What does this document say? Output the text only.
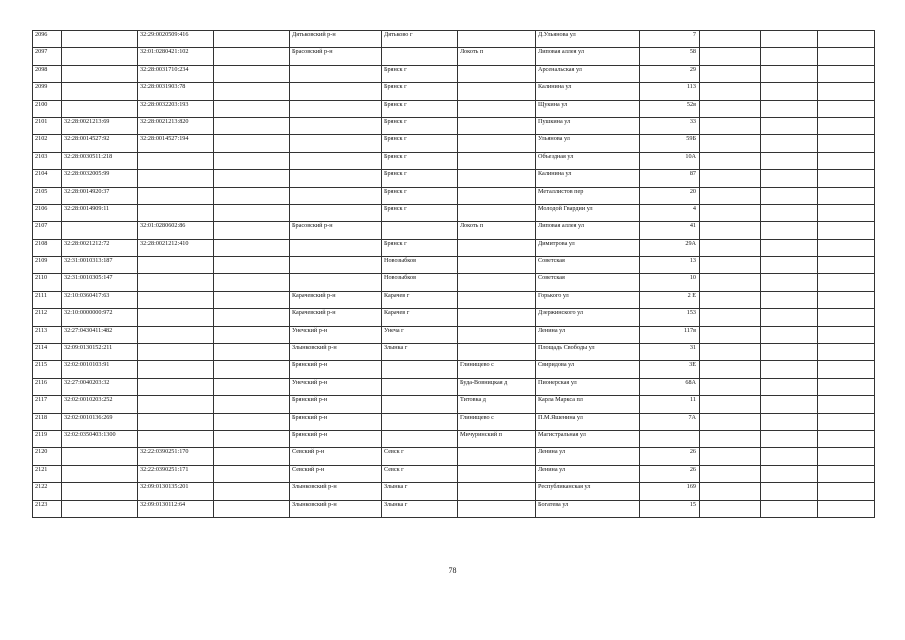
2096		32:29:0020509:416		Дятьковский р-н	Дятьково г		Д.Ульянова ул	7			
2097		32:01:0280421:102		Брасовский р-н		Локоть п	Липовая аллея ул	58			
2098		32:28:0031710:234			Брянск г		Арсенальская ул	29			
2099		32:28:0031903:78			Брянск г		Калинина ул	113			
2100		32:28:0032203:193			Брянск г		Щукина ул	52в			
2101	32:28:0021213:69	32:28:0021213:820			Брянск г		Пушкина ул	33			
2102	32:28:0014527:92	32:28:0014527:194			Брянск г		Ульянова ул	59Б			
2103	32:28:0030511:218				Брянск г		Объездная ул	10А			
2104	32:28:0032005:99				Брянск г		Калинина ул	87			
2105	32:28:0014920:37				Брянск г		Металлистов пер	20			
2106	32:28:0014909:11				Брянск г		Молодой Гвардии ул	4			
2107		32:01:0280602:86		Брасовский р-н		Локоть п	Липовая аллея ул	41			
2108	32:28:0021212:72	32:28:0021212:410			Брянск г		Димитрова ул	29А			
2109	32:31:0010313:187				Новозыбков		Советская	13			
2110	32:31:0010305:147				Новозыбков		Советская	10			
2111	32:10:0360417:63			Карачевский р-н	Карачев г		Горького ул	2 Е			
2112	32:10:0000000:972			Карачевский р-н	Карачев г		Дзержинского ул	153			
2113	32:27:0430411:482			Унечский р-н	Унеча г		Ленина ул	117в			
2114	32:09:0130152:211			Злынковский р-н	Злынка г		Площадь Свободы ул	31			
2115	32:02:0010103:91			Брянский р-н		Глинищево с	Свиридова ул	3Е			
2116	32:27:0040203:32			Унечский р-н		Буда-Вовницкая д	Пионерская ул	68А			
2117	32:02:0010203:252			Брянский р-н		Титовка д	Карла Маркса пл	11			
2118	32:02:0010136:269			Брянский р-н		Глинищево с	П.М.Яшенина ул	7А			
2119	32:02:0350403:1300			Брянский р-н		Мичуринский п	Магистральная ул				
2120		32:22:0390251:170		Севский р-н	Севск г		Ленина ул	26			
2121		32:22:0390251:171		Севский р-н	Севск г		Ленина ул	26			
2122		32:09:0130135:201		Злынковский р-н	Злынка г		Республиканская ул	169			
2123		32:09:0130112:64		Злынковский р-н	Злынка г		Богатева ул	15			
78
